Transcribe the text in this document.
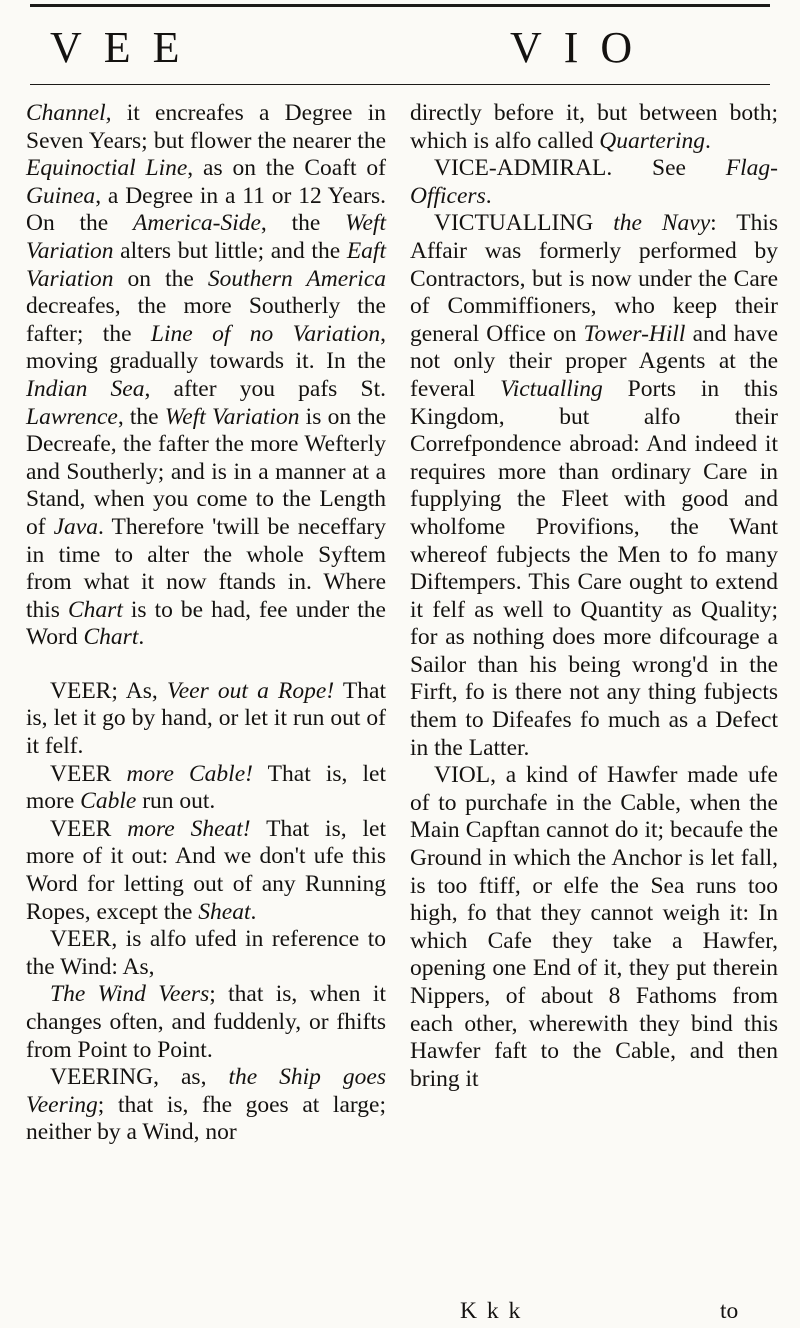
VEE	VIO

Channel, it encreafes a Degree in Seven Years; but flower the nearer the Equinoctial Line, as on the Coaft of Guinea, a Degree in a 11 or 12 Years. On the America-Side, the Weft Variation alters but little; and the Eaft Variation on the Southern America decreafes, the more Southerly the fafter; the Line of no Variation, moving gradually towards it. In the Indian Sea, after you pafs St. Lawrence, the Weft Variation is on the Decreafe, the fafter the more Wefterly and Southerly; and is in a manner at a Stand, when you come to the Length of Java. Therefore 'twill be neceffary in time to alter the whole Syftem from what it now ftands in. Where this Chart is to be had, fee under the Word Chart.

VEER; As, Veer out a Rope! That is, let it go by hand, or let it run out of it felf.

VEER more Cable! That is, let more Cable run out.

VEER more Sheat! That is, let more of it out: And we don't ufe this Word for letting out of any Running Ropes, except the Sheat.

VEER, is alfo ufed in reference to the Wind: As,

The Wind Veers; that is, when it changes often, and fuddenly, or fhifts from Point to Point.

VEERING, as, the Ship goes Veering; that is, fhe goes at large; neither by a Wind, nor

directly before it, but between both; which is alfo called Quartering.

VICE-ADMIRAL. See Flag-Officers.

VICTUALLING the Navy: This Affair was formerly performed by Contractors, but is now under the Care of Commiffioners, who keep their general Office on Tower-Hill and have not only their proper Agents at the feveral Victualling Ports in this Kingdom, but alfo their Correfpondence abroad: And indeed it requires more than ordinary Care in fupplying the Fleet with good and wholfome Provifions, the Want whereof fubjects the Men to fo many Diftempers. This Care ought to extend it felf as well to Quantity as Quality; for as nothing does more difcourage a Sailor than his being wrong'd in the Firft, fo is there not any thing fubjects them to Difeafes fo much as a Defect in the Latter.

VIOL, a kind of Hawfer made ufe of to purchafe in the Cable, when the Main Capftan cannot do it; becaufe the Ground in which the Anchor is let fall, is too ftiff, or elfe the Sea runs too high, fo that they cannot weigh it: In which Cafe they take a Hawfer, opening one End of it, they put therein Nippers, of about 8 Fathoms from each other, wherewith they bind this Hawfer faft to the Cable, and then bring it

K k k	to
